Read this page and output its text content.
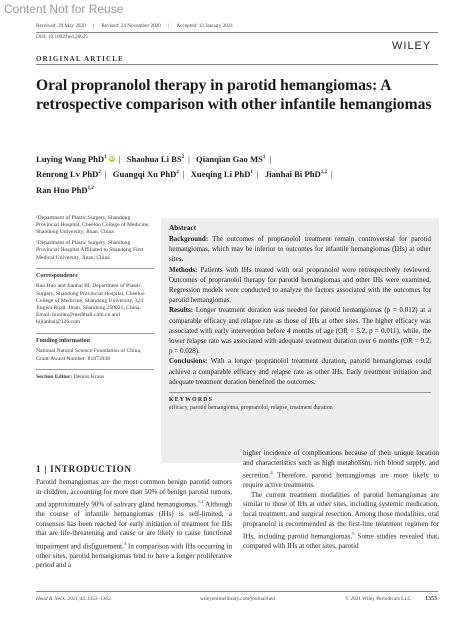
Content Not for Reuse
Received: 29 May 2020 | Revised: 24 November 2020 | Accepted: 13 January 2021
DOI: 10.1002/hed.26625
WILEY
ORIGINAL ARTICLE
Oral propranolol therapy in parotid hemangiomas: A retrospective comparison with other infantile hemangiomas
Luying Wang PhD$^1$ iD | Shaohua Li $BS^2$ | Qianqian Gao $MS^1$ |
Renrong Lv PhD$^2$ | Guangqi Xu PhD$^2$ | Xueqing Li PhD$^1$ | Jianhai Bi PhD$^{1,2}$ |
Ran Huo PhD$^{1,2}$

¹Department of Plastic Surgery, Shandong Provincial Hospital, Cheeloo College of Medicine, Shandong University, Jinan, China

²Department of Plastic Surgery, Shandong Provincial Hospital Affiliated to Shandong First Medical University, Jinan, China

Correspondence

Ran Huo and Jianhai Bi, Department of Plastic Surgery, Shandong Provincial Hospital, Cheeloo College of Medicine, Shandong University, 324 Jingwu Road, Jinan, Shandong 250021, China. Email: huoran@medmail.com.cn and bijianhai@126.com

Funding information

National Natural Science Foundation of China, Grant/Award Number: 81873938

Section Editor: Dennis Kraus

Abstract
Background: The outcomes of propranolol treatment remain controversial for parotid hemangiomas, which may be inferior to outcomes for infantile hemangiomas (IHs) at other sites.
Methods: Patients with IHs treated with oral propranolol were retrospectively reviewed. Outcomes of propranolol therapy for parotid hemangiomas and other IHs were examined. Regression models were conducted to analyze the factors associated with the outcomes for parotid hemangiomas.
Results: Longer treatment duration was needed for parotid hemangiomas (p = 0.012) at a comparable efficacy and relapse rate as those of IHs at other sites. The higher efficacy was associated with early intervention before 4 months of age (OR = 5.2, p = 0.011), while, the lower relapse rate was associated with adequate treatment duration over 6 months (OR = 9.2, p = 0.028).
Conclusions: With a longer propranolol treatment duration, parotid hemangiomas could achieve a comparable efficacy and relapse rate as other IHs. Early treatment initiation and adequate treatment duration benefited the outcomes.
KEYWORDS
efficacy, parotid hemangioma, propranolol, relapse, treatment duration
1 | INTRODUCTION

Parotid hemangiomas are the most common benign parotid tumors in children, accounting for more than 50% of benign parotid tumors, and approximately 90% of salivary gland hemangiomas.$^{1,2}$ Although the course of infantile hemangiomas (IHs) is self-limited, a consensus has been reached for early initiation of treatment for IHs that are life-threatening and cause or are likely to cause functional impairment and disfigurement.$^3$ In comparison with IHs occurring in other sites, parotid hemangiomas tend to have a longer proliferative period and a

higher incidence of complications because of their unique location and characteristics such as high metabolism, rich blood supply, and secretion.$^4$ Therefore, parotid hemangiomas are more likely to require active treatments.

The current treatment modalities of parotid hemangiomas are similar to those of IHs at other sites, including systemic medication, local treatment, and surgical resection. Among those modalities, oral propranolol is recommended as the first-line treatment regimen for IHs, including parotid hemangiomas.$^5$ Some studies revealed that, compared with IHs at other sites, parotid

Head & Neck. 2021;43:1353–1362.	wileyonlinelibrary.com/journal/hed	© 2021 Wiley Periodicals LLC 1353
